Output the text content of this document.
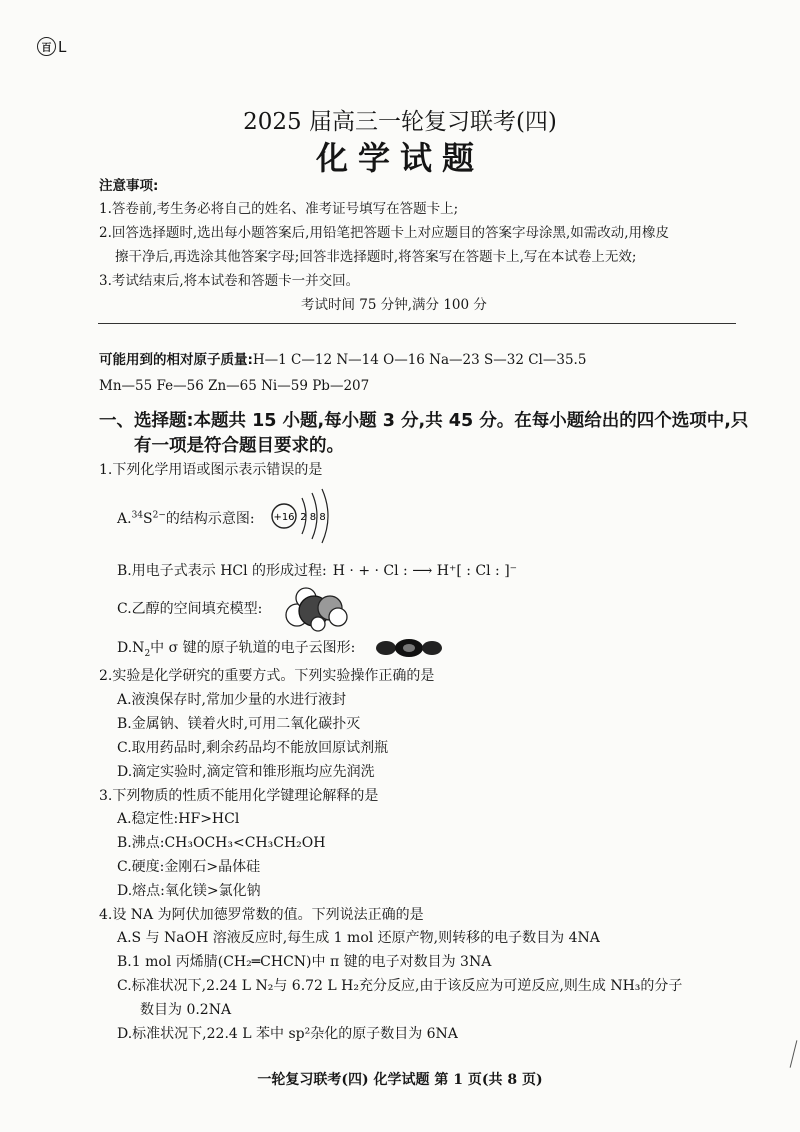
百 L
2025 届高三一轮复习联考(四)
化学试题
注意事项:
1.答卷前,考生务必将自己的姓名、准考证号填写在答题卡上;
2.回答选择题时,选出每小题答案后,用铅笔把答题卡上对应题目的答案字母涂黑,如需改动,用橡皮
擦干净后,再选涂其他答案字母;回答非选择题时,将答案写在答题卡上,写在本试卷上无效;
3.考试结束后,将本试卷和答题卡一并交回。
考试时间 75 分钟,满分 100 分
可能用到的相对原子质量:H—1 C—12 N—14 O—16 Na—23 S—32 Cl—35.5
Mn—55 Fe—56 Zn—65 Ni—59 Pb—207
一、选择题:本题共 15 小题,每小题 3 分,共 45 分。在每小题给出的四个选项中,只
有一项是符合题目要求的。
1.下列化学用语或图示表示错误的是
$A.^{34}S^{2-}$的结构示意图: +16 2 8 8
B.用电子式表示 HCl 的形成过程: H · + · Cl : ⟶ H⁺[ : Cl : ]⁻
C.乙醇的空间填充模型:
$D.N_2$中 σ 键的原子轨道的电子云图形:
2.实验是化学研究的重要方式。下列实验操作正确的是
A.液溴保存时,常加少量的水进行液封
B.金属钠、镁着火时,可用二氧化碳扑灭
C.取用药品时,剩余药品均不能放回原试剂瓶
D.滴定实验时,滴定管和锥形瓶均应先润洗
3.下列物质的性质不能用化学键理论解释的是
A.稳定性:HF>HCl
B.沸点:CH₃OCH₃<CH₃CH₂OH
C.硬度:金刚石>晶体硅
D.熔点:氧化镁>氯化钠
4.设 NA 为阿伏加德罗常数的值。下列说法正确的是
A.S 与 NaOH 溶液反应时,每生成 1 mol 还原产物,则转移的电子数目为 4NA
B.1 mol 丙烯腈(CH₂═CHCN)中 π 键的电子对数目为 3NA
C.标准状况下,2.24 L N₂与 6.72 L H₂充分反应,由于该反应为可逆反应,则生成 NH₃的分子
数目为 0.2NA
D.标准状况下,22.4 L 苯中 sp²杂化的原子数目为 6NA
一轮复习联考(四) 化学试题 第 1 页(共 8 页)
